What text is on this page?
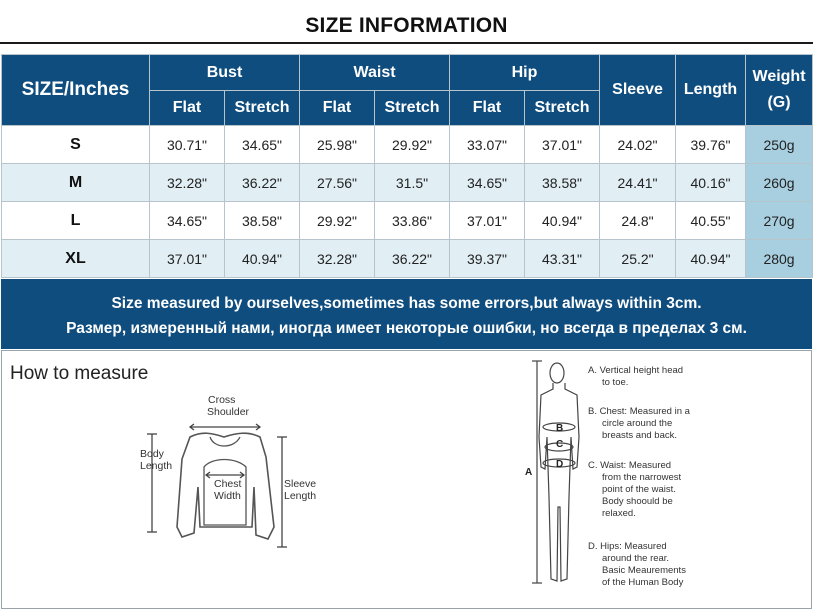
SIZE INFORMATION
SIZE/Inches	Bust		Waist		Hip		Sleeve	Length	Weight (G)
	Flat	Stretch	Flat	Stretch	Flat	Stretch			
S	30.71"	34.65"	25.98"	29.92"	33.07"	37.01"	24.02"	39.76"	250g
M	32.28"	36.22"	27.56"	31.5"	34.65"	38.58"	24.41"	40.16"	260g
L	34.65"	38.58"	29.92"	33.86"	37.01"	40.94"	24.8"	40.55"	270g
XL	37.01"	40.94"	32.28"	36.22"	39.37"	43.31"	25.2"	40.94"	280g
Size measured by ourselves,sometimes has some errors,but always within 3cm.
Размер, измеренный нами, иногда имеет некоторые ошибки, но всегда в пределах 3 см.
How to measure
Cross
Shoulder
Body
Length
Chest
Width
Sleeve
Length
A
B
C
D
A. Vertical height head
to toe.
B. Chest: Measured in a
circle around the
breasts and back.
C. Waist: Measured
from the narrowest
point of the waist.
Body shoould be
relaxed.
D. Hips: Measured
around the rear.
Basic Meaurements
of the Human Body
